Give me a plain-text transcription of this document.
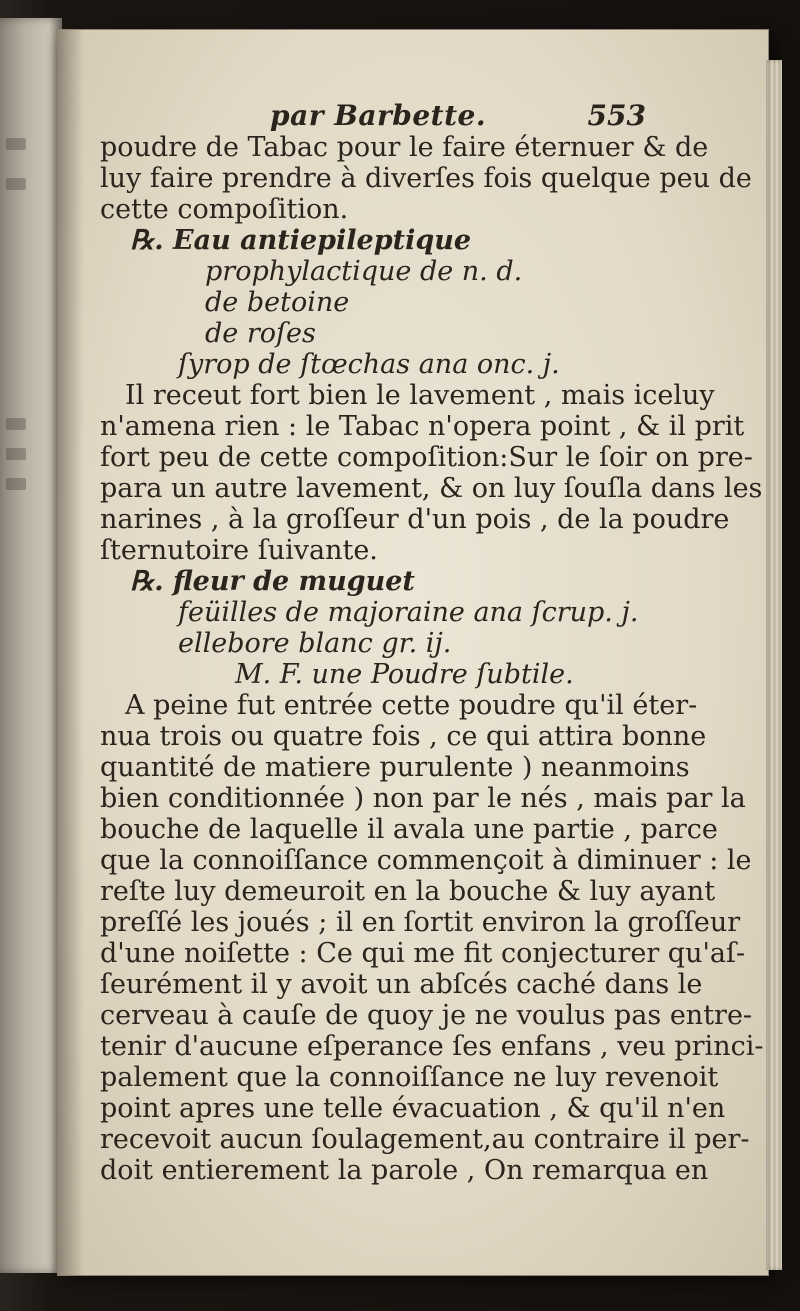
par Barbette.	553
poudre de Tabac pour le faire éternuer & de
luy faire prendre à diverſes fois quelque peu de
cette compoſition.
℞. Eau antiepileptique
prophylactique de n. d.
de betoine
de roſes
ſyrop de ſtœchas ana onc. j.
Il receut fort bien le lavement , mais iceluy
n'amena rien : le Tabac n'opera point , & il prit
fort peu de cette compoſition:Sur le ſoir on pre-
para un autre lavement, & on luy ſouſla dans les
narines , à la groſſeur d'un pois , de la poudre
ſternutoire ſuivante.
℞. fleur de muguet
feüilles de majoraine ana ſcrup. j.
ellebore blanc gr. ij.
M. F. une Poudre ſubtile.
A peine fut entrée cette poudre qu'il éter-
nua trois ou quatre fois , ce qui attira bonne
quantité de matiere purulente ) neanmoins
bien conditionnée ) non par le nés , mais par la
bouche de laquelle il avala une partie , parce
que la connoiſſance commençoit à diminuer : le
reſte luy demeuroit en la bouche & luy ayant
preſſé les joués ; il en ſortit environ la groſſeur
d'une noiſette : Ce qui me fit conjecturer qu'aſ-
ſeurément il y avoit un abſcés caché dans le
cerveau à cauſe de quoy je ne voulus pas entre-
tenir d'aucune eſperance ſes enfans , veu princi-
palement que la connoiſſance ne luy revenoit
point apres une telle évacuation , & qu'il n'en
recevoit aucun ſoulagement,au contraire il per-
doit entierement la parole , On remarqua en
